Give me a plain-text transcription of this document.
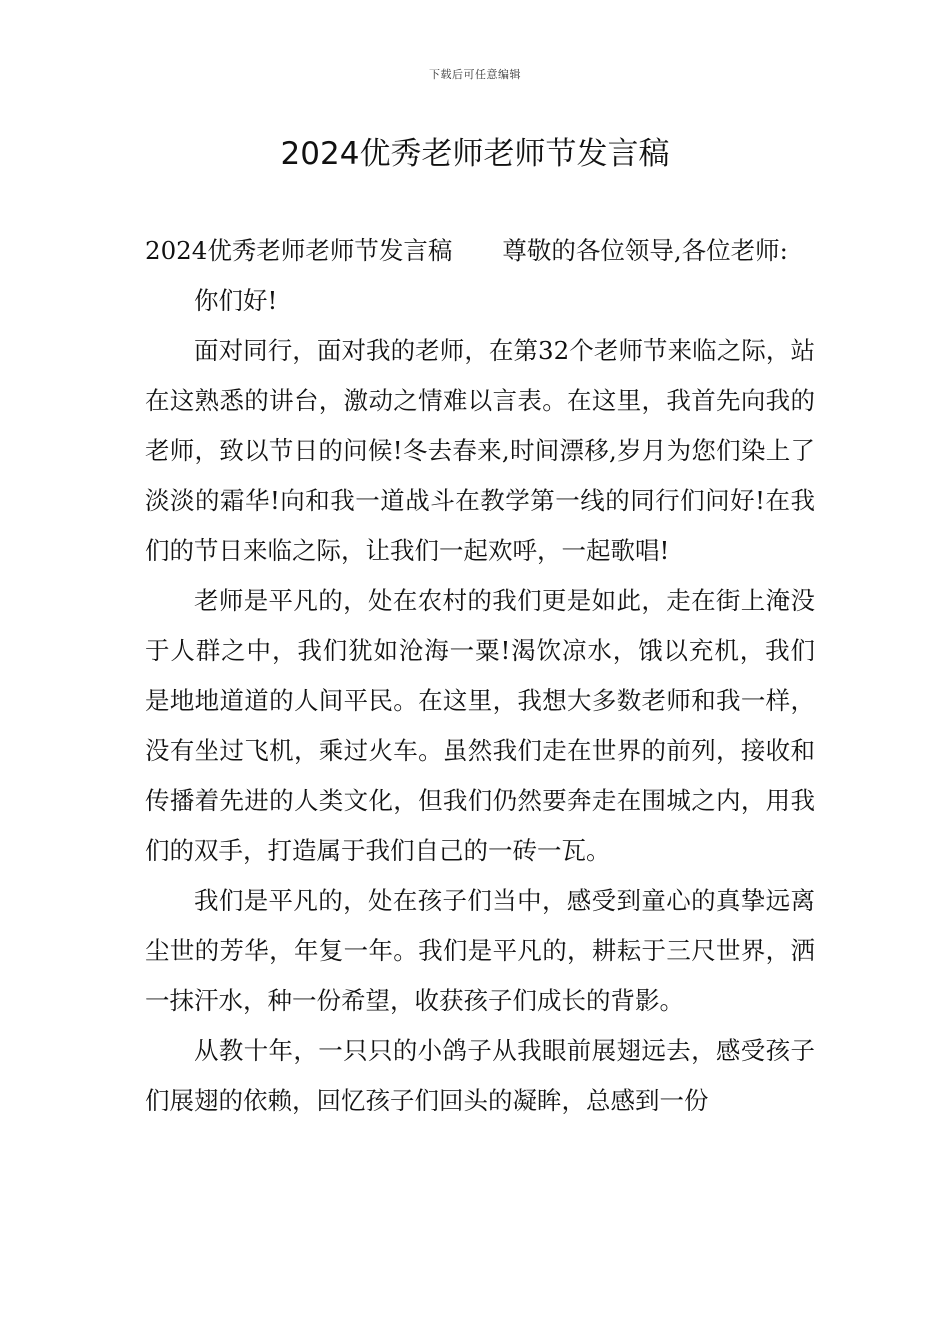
下载后可任意编辑
2024优秀老师老师节发言稿

2024优秀老师老师节发言稿 尊敬的各位领导,各位老师:

你们好!

面对同行，面对我的老师，在第32个老师节来临之际，站在这熟悉的讲台，激动之情难以言表。在这里，我首先向我的老师，致以节日的问候!冬去春来,时间漂移,岁月为您们染上了淡淡的霜华!向和我一道战斗在教学第一线的同行们问好!在我们的节日来临之际，让我们一起欢呼，一起歌唱!

老师是平凡的，处在农村的我们更是如此，走在街上淹没于人群之中，我们犹如沧海一粟!渴饮凉水，饿以充机，我们是地地道道的人间平民。在这里，我想大多数老师和我一样，没有坐过飞机，乘过火车。虽然我们走在世界的前列，接收和传播着先进的人类文化，但我们仍然要奔走在围城之内，用我们的双手，打造属于我们自己的一砖一瓦。

我们是平凡的，处在孩子们当中，感受到童心的真挚远离尘世的芳华，年复一年。我们是平凡的，耕耘于三尺世界，洒一抹汗水，种一份希望，收获孩子们成长的背影。

从教十年，一只只的小鸽子从我眼前展翅远去，感受孩子们展翅的依赖，回忆孩子们回头的凝眸，总感到一份
